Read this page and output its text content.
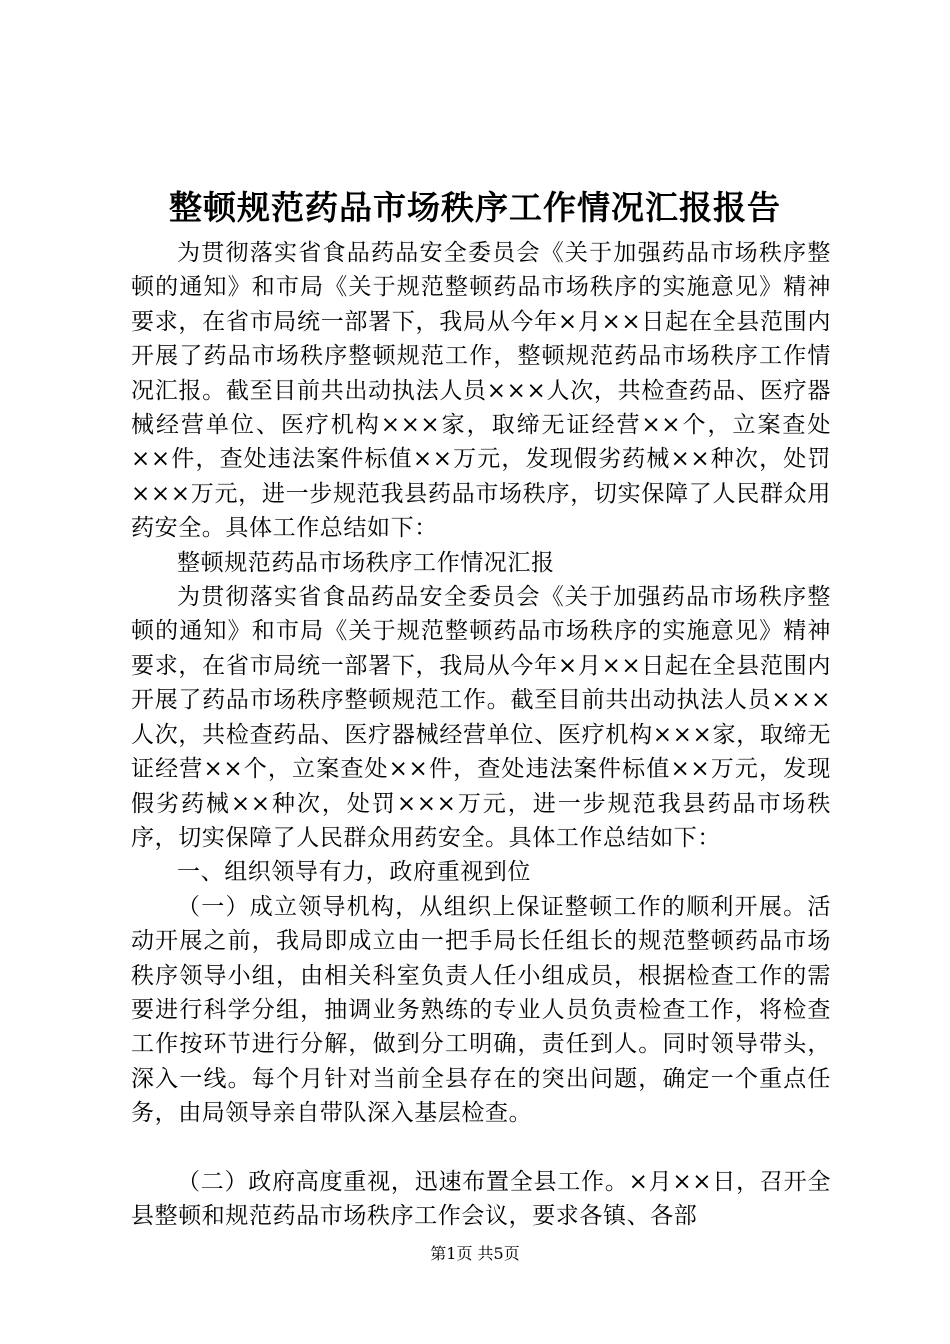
整顿规范药品市场秩序工作情况汇报报告

为贯彻落实省食品药品安全委员会《关于加强药品市场秩序整顿的通知》和市局《关于规范整顿药品市场秩序的实施意见》精神要求，在省市局统一部署下，我局从今年×月××日起在全县范围内开展了药品市场秩序整顿规范工作，整顿规范药品市场秩序工作情况汇报。截至目前共出动执法人员×××人次，共检查药品、医疗器械经营单位、医疗机构×××家，取缔无证经营××个，立案查处××件，查处违法案件标值××万元，发现假劣药械××种次，处罚×××万元，进一步规范我县药品市场秩序，切实保障了人民群众用药安全。具体工作总结如下：

整顿规范药品市场秩序工作情况汇报

为贯彻落实省食品药品安全委员会《关于加强药品市场秩序整顿的通知》和市局《关于规范整顿药品市场秩序的实施意见》精神要求，在省市局统一部署下，我局从今年×月××日起在全县范围内开展了药品市场秩序整顿规范工作。截至目前共出动执法人员×××人次，共检查药品、医疗器械经营单位、医疗机构×××家，取缔无证经营××个，立案查处××件，查处违法案件标值××万元，发现假劣药械××种次，处罚×××万元，进一步规范我县药品市场秩序，切实保障了人民群众用药安全。具体工作总结如下：

一、组织领导有力，政府重视到位

（一）成立领导机构，从组织上保证整顿工作的顺利开展。活动开展之前，我局即成立由一把手局长任组长的规范整顿药品市场秩序领导小组，由相关科室负责人任小组成员，根据检查工作的需要进行科学分组，抽调业务熟练的专业人员负责检查工作，将检查工作按环节进行分解，做到分工明确，责任到人。同时领导带头，深入一线。每个月针对当前全县存在的突出问题，确定一个重点任务，由局领导亲自带队深入基层检查。

（二）政府高度重视，迅速布置全县工作。×月××日，召开全县整顿和规范药品市场秩序工作会议，要求各镇、各部

第1页 共5页
